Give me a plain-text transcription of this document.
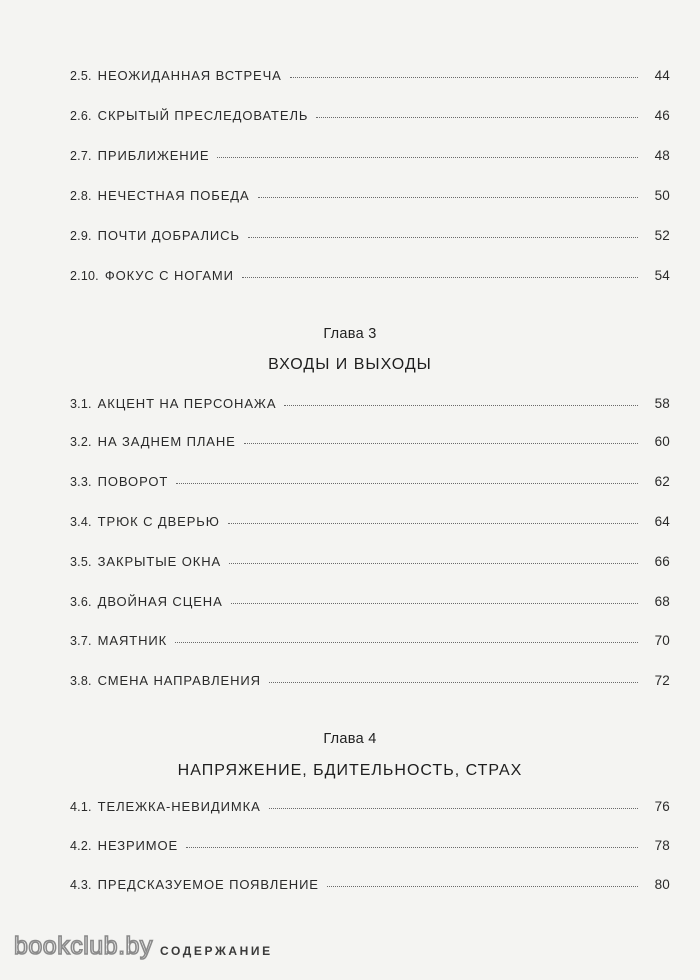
2.5. НЕОЖИДАННАЯ ВСТРЕЧА	44
2.6. СКРЫТЫЙ ПРЕСЛЕДОВАТЕЛЬ	46
2.7. ПРИБЛИЖЕНИЕ	48
2.8. НЕЧЕСТНАЯ ПОБЕДА	50
2.9. ПОЧТИ ДОБРАЛИСЬ	52
2.10. ФОКУС С НОГАМИ	54
Глава 3
ВХОДЫ И ВЫХОДЫ
3.1. АКЦЕНТ НА ПЕРСОНАЖА	58
3.2. НА ЗАДНЕМ ПЛАНЕ	60
3.3. ПОВОРОТ	62
3.4. ТРЮК С ДВЕРЬЮ	64
3.5. ЗАКРЫТЫЕ ОКНА	66
3.6. ДВОЙНАЯ СЦЕНА	68
3.7. МАЯТНИК	70
3.8. СМЕНА НАПРАВЛЕНИЯ	72
Глава 4
НАПРЯЖЕНИЕ, БДИТЕЛЬНОСТЬ, СТРАХ
4.1. ТЕЛЕЖКА-НЕВИДИМКА	76
4.2. НЕЗРИМОЕ	78
4.3. ПРЕДСКАЗУЕМОЕ ПОЯВЛЕНИЕ	80
bookclub.by СОДЕРЖАНИЕ
